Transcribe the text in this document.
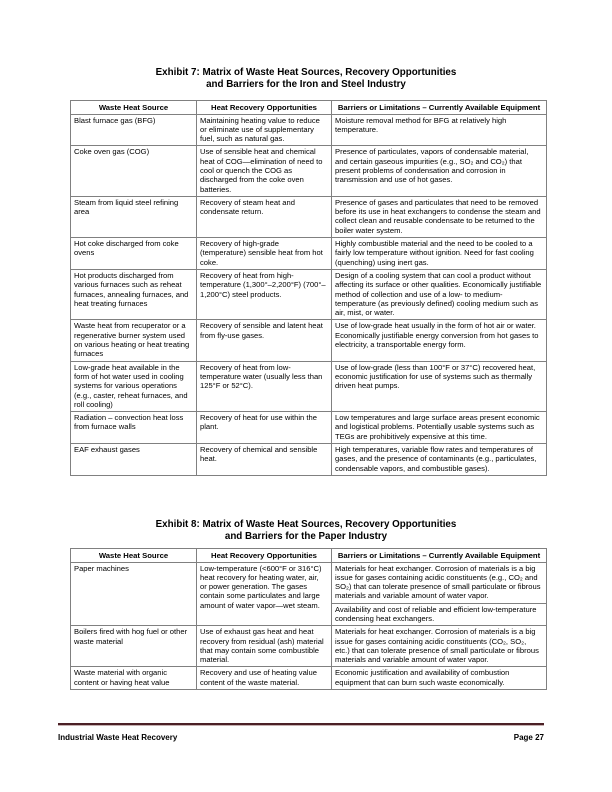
Exhibit 7: Matrix of Waste Heat Sources, Recovery Opportunities
and Barriers for the Iron and Steel Industry
Waste Heat Source	Heat Recovery Opportunities	Barriers or Limitations – Currently Available Equipment
Blast furnace gas (BFG)	Maintaining heating value to reduce or eliminate use of supplementary fuel, such as natural gas.	Moisture removal method for BFG at relatively high temperature.
Coke oven gas (COG)	Use of sensible heat and chemical heat of COG—elimination of need to cool or quench the COG as discharged from the coke oven batteries.	Presence of particulates, vapors of condensable material, and certain gaseous impurities (e.g., SO₂ and CO₂) that present problems of condensation and corrosion in transmission and use of hot gases.
Steam from liquid steel refining area	Recovery of steam heat and condensate return.	Presence of gases and particulates that need to be removed before its use in heat exchangers to condense the steam and collect clean and reusable condensate to be returned to the boiler water system.
Hot coke discharged from coke ovens	Recovery of high-grade (temperature) sensible heat from hot coke.	Highly combustible material and the need to be cooled to a fairly low temperature without ignition. Need for fast cooling (quenching) using inert gas.
Hot products discharged from various furnaces such as reheat furnaces, annealing furnaces, and heat treating furnaces	Recovery of heat from high-temperature (1,300°–2,200°F) (700°–1,200°C) steel products.	Design of a cooling system that can cool a product without affecting its surface or other qualities. Economically justifiable method of collection and use of a low- to medium-temperature (as previously defined) cooling medium such as air, mist, or water.
Waste heat from recuperator or a regenerative burner system used on various heating or heat treating furnaces	Recovery of sensible and latent heat from fly-use gases.	Use of low-grade heat usually in the form of hot air or water. Economically justifiable energy conversion from hot gases to electricity, a transportable energy form.
Low-grade heat available in the form of hot water used in cooling systems for various operations (e.g., caster, reheat furnaces, and roll cooling)	Recovery of heat from low-temperature water (usually less than 125°F or 52°C).	Use of low-grade (less than 100°F or 37°C) recovered heat, economic justification for use of systems such as thermally driven heat pumps.
Radiation – convection heat loss from furnace walls	Recovery of heat for use within the plant.	Low temperatures and large surface areas present economic and logistical problems. Potentially usable systems such as TEGs are prohibitively expensive at this time.
EAF exhaust gases	Recovery of chemical and sensible heat.	High temperatures, variable flow rates and temperatures of gases, and the presence of contaminants (e.g., particulates, condensable vapors, and combustible gases).
Exhibit 8: Matrix of Waste Heat Sources, Recovery Opportunities
and Barriers for the Paper Industry
Waste Heat Source	Heat Recovery Opportunities	Barriers or Limitations – Currently Available Equipment
Paper machines	Low-temperature (<600°F or 316°C) heat recovery for heating water, air, or power generation. The gases contain some particulates and large amount of water vapor—wet steam.	Materials for heat exchanger. Corrosion of materials is a big issue for gases containing acidic constituents (e.g., CO₂ and SO₂) that can tolerate presence of small particulate or fibrous materials and variable amount of water vapor.
		Availability and cost of reliable and efficient low-temperature condensing heat exchangers.
Boilers fired with hog fuel or other waste material	Use of exhaust gas heat and heat recovery from residual (ash) material that may contain some combustible material.	Materials for heat exchanger. Corrosion of materials is a big issue for gases containing acidic constituents (CO₂, SO₂, etc.) that can tolerate presence of small particulate or fibrous materials and variable amount of water vapor.
Waste material with organic content or having heat value	Recovery and use of heating value content of the waste material.	Economic justification and availability of combustion equipment that can burn such waste economically.
Industrial Waste Heat Recovery	Page 27
